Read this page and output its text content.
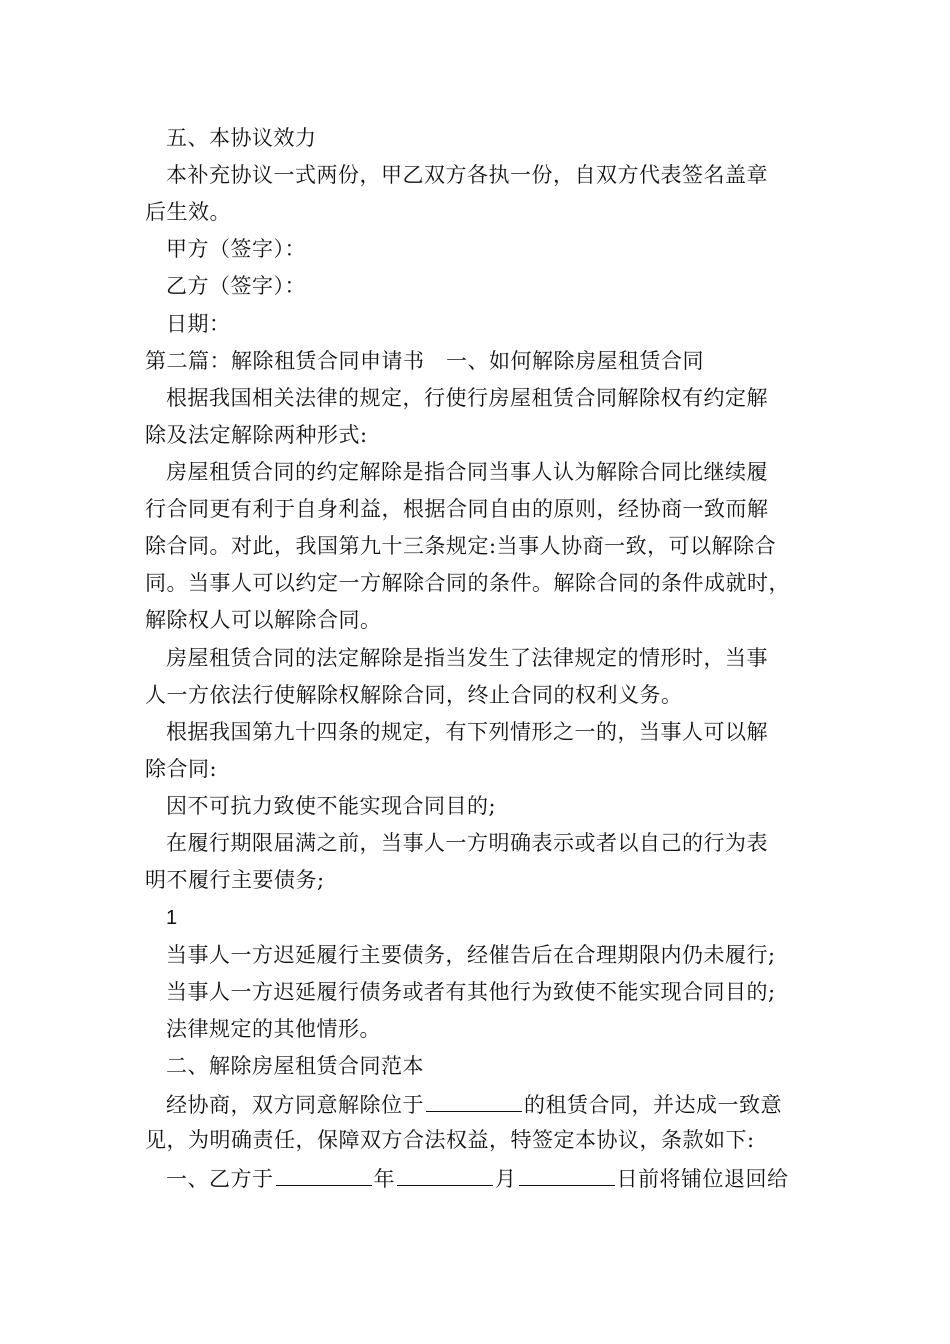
五、本协议效力
本补充协议一式两份，甲乙双方各执一份，自双方代表签名盖章
后生效。
甲方（签字）：
乙方（签字）：
日期：
第二篇：解除租赁合同申请书　一、如何解除房屋租赁合同
根据我国相关法律的规定，行使行房屋租赁合同解除权有约定解
除及法定解除两种形式:
房屋租赁合同的约定解除是指合同当事人认为解除合同比继续履
行合同更有利于自身利益，根据合同自由的原则，经协商一致而解
除合同。对此，我国第九十三条规定:当事人协商一致，可以解除合
同。当事人可以约定一方解除合同的条件。解除合同的条件成就时，
解除权人可以解除合同。
房屋租赁合同的法定解除是指当发生了法律规定的情形时，当事
人一方依法行使解除权解除合同，终止合同的权利义务。
根据我国第九十四条的规定，有下列情形之一的，当事人可以解
除合同:
因不可抗力致使不能实现合同目的;
在履行期限届满之前，当事人一方明确表示或者以自己的行为表
明不履行主要债务;
1
当事人一方迟延履行主要债务，经催告后在合理期限内仍未履行;
当事人一方迟延履行债务或者有其他行为致使不能实现合同目的;
法律规定的其他情形。
二、解除房屋租赁合同范本
经协商，双方同意解除位于	的租赁合同，并达成一致意
见，为明确责任，保障双方合法权益，特签定本协议，条款如下:
一、乙方于	年	月	日前将铺位退回给
